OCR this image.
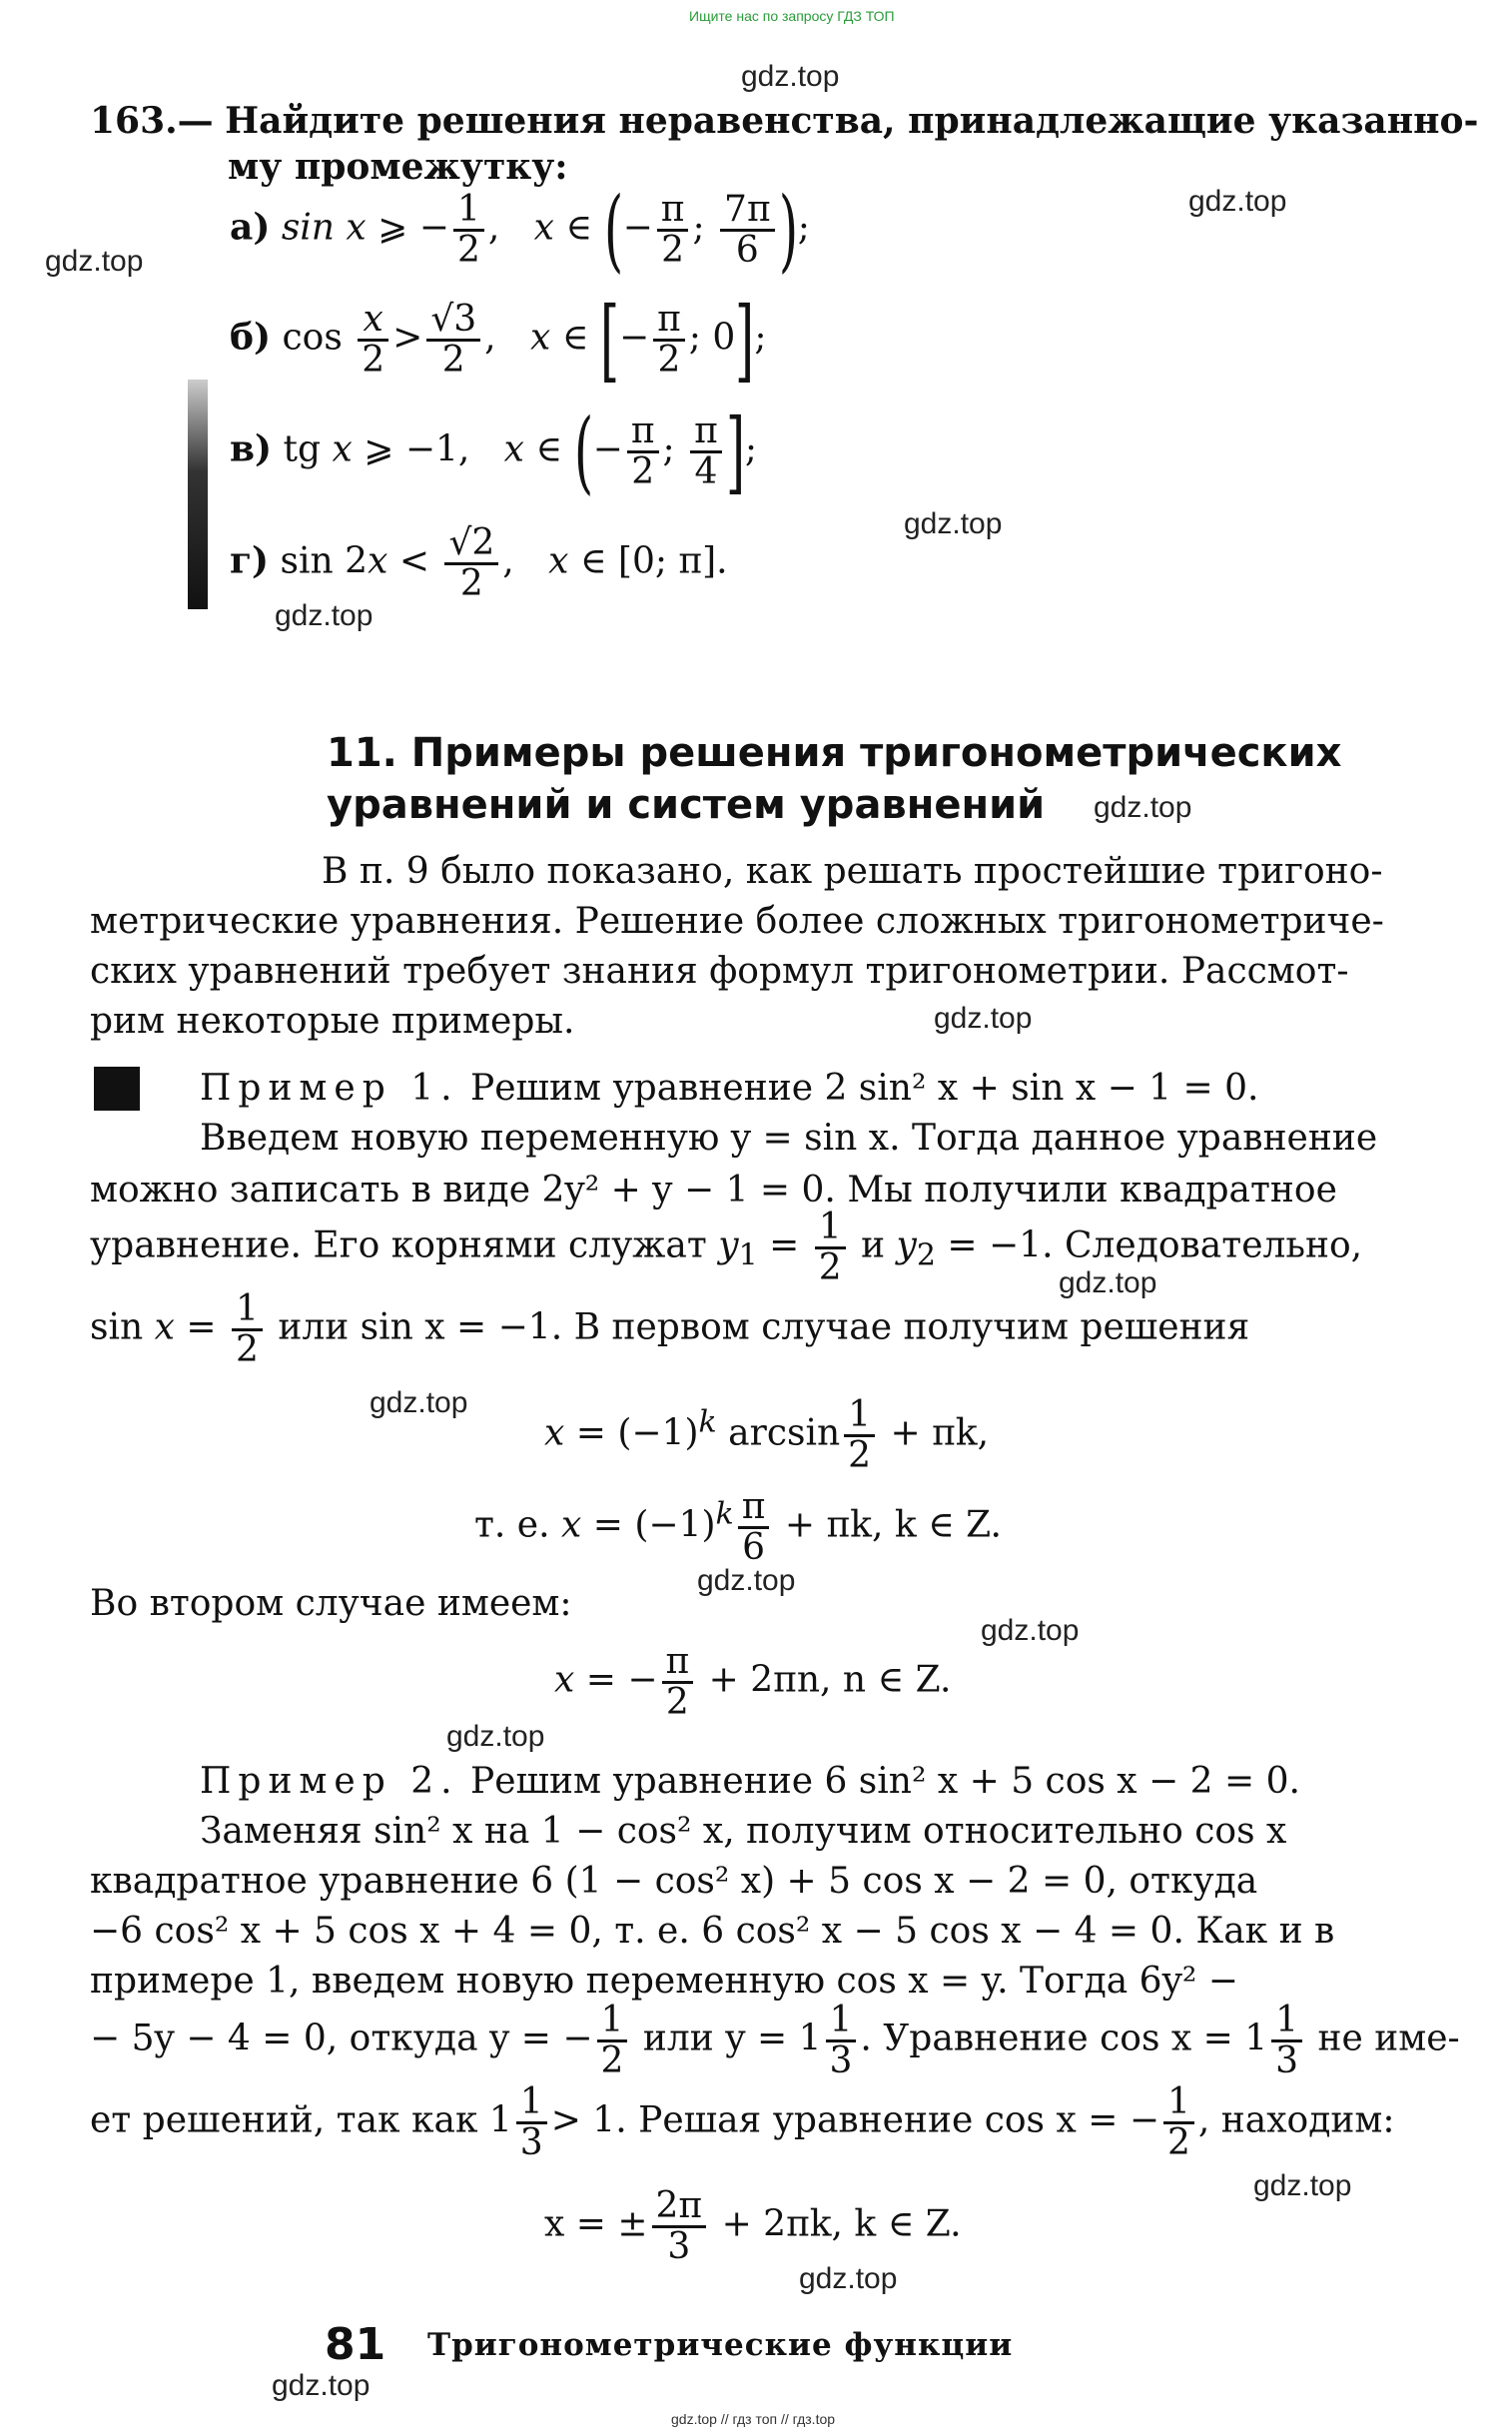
Ищите нас по запросу ГДЗ ТОП
gdz.top
gdz.top
gdz.top
gdz.top
gdz.top
gdz.top
gdz.top
gdz.top
gdz.top
gdz.top
gdz.top
gdz.top
gdz.top
gdz.top
gdz.top
163.— Найдите решения неравенства, принадлежащие указанно-
му промежутку:
а) sin x ⩾ − $\frac{1}{2}$ ,   x ∈ (− $\frac{\pi}{2}$ ; $\frac{7\pi}{6}$ );
б) $\cos \frac{x}{2} > \frac{√3}{2}$ ,   x ∈ [− $\frac{\pi}{2}$ ; 0];
в) tg x ⩾ −1,   x ∈ (− $\frac{\pi}{2}$ ; $\frac{\pi}{4}$ ];
г) $\sin 2x < \frac{√2}{2}$ ,   x ∈ [0; π].
11. Примеры решения тригонометрических
уравнений и систем уравнений

В п. 9 было показано, как решать простейшие тригоно-

метрические уравнения. Решение более сложных тригонометриче-

ских уравнений требует знания формул тригонометрии. Рассмот-

рим некоторые примеры.

Пример 1. Решим уравнение 2 sin² x + sin x − 1 = 0.
Введем новую переменную y = sin x. Тогда данное уравнение
можно записать в виде 2y² + y − 1 = 0. Мы получили квадратное
уравнение. Его корнями служат $y_1 = \frac{1}{2}$ и $y_2 = -1$. Следовательно,
$\sin x = \frac{1}{2}$ или sin x = −1. В первом случае получим решения
$x = (-1)^k$ $\arcsin \frac{1}{2} + \pi k$,
т. е. $x = (-1)^k \frac{\pi}{6} + \pi k$, k ∈ Z.
Во втором случае имеем:
x = − $\frac{\pi}{2} + 2\pi n$, n ∈ Z.
Пример 2. Решим уравнение 6 sin² x + 5 cos x − 2 = 0.
Заменяя sin² x на 1 − cos² x, получим относительно cos x
квадратное уравнение 6 (1 − cos² x) + 5 cos x − 2 = 0, откуда
−6 cos² x + 5 cos x + 4 = 0, т. е. 6 cos² x − 5 cos x − 4 = 0. Как и в
примере 1, введем новую переменную cos x = y. Тогда 6y² −
− 5y − 4 = 0, откуда y = − $\frac{1}{2}$ или $y = 1 \frac{1}{3}$ . Уравнение $\cos x = 1 \frac{1}{3}$ не име-
ет решений, так как $1 \frac{1}{3} > 1$. Решая уравнение cos x = − $\frac{1}{2}$ , находим:
x = ± $\frac{2\pi}{3} + 2\pi k$, k ∈ Z.
81 Тригонометрические функции
gdz.top // гдз топ // гдз.top
